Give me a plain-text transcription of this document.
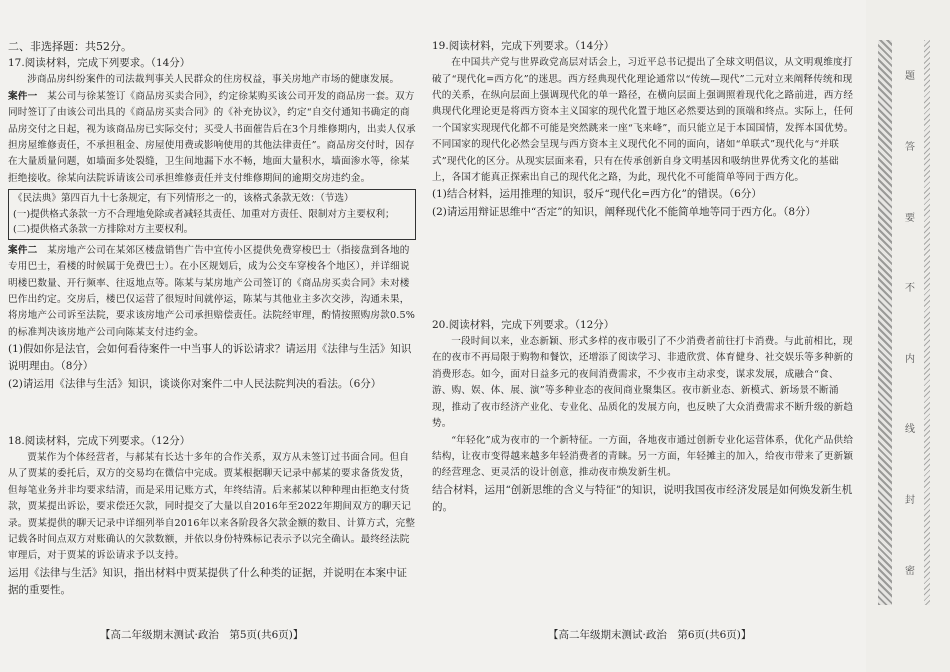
二、非选择题：共52分。

17.阅读材料，完成下列要求。（14分）

涉商品房纠纷案件的司法裁判事关人民群众的住房权益，事关房地产市场的健康发展。

案件一　 某公司与徐某签订《商品房买卖合同》，约定徐某购买该公司开发的商品房一套。双方同时签订了由该公司出具的《商品房买卖合同》的《补充协议》，约定“自交付通知书确定的商品房交付之日起，视为该商品房已实际交付；买受人书面催告后在3个月维修期内，出卖人仅承担房屋维修责任，不承担租金、房屋使用费或影响使用的其他法律责任”。商品房交付时，因存在大量质量问题，如墙面多处裂缝，卫生间地漏下水不畅，地面大量积水，墙面渗水等，徐某拒绝接收。徐某向法院诉请该公司承担维修责任并支付维修期间的逾期交房违约金。

《民法典》第四百九十七条规定，有下列情形之一的，该格式条款无效：（节选）
(一)提供格式条款一方不合理地免除或者减轻其责任、加重对方责任、限制对方主要权利；
(二)提供格式条款一方排除对方主要权利。

案件二　 某房地产公司在某郊区楼盘销售广告中宣传小区提供免费穿梭巴士（指接盘到各地的专用巴士，看楼的时候属于免费巴士）。在小区规划后，成为公交车穿梭各个地区），并详细说明楼巴数量、开行频率、往返地点等。陈某与某房地产公司签订的《商品房买卖合同》未对楼巴作出约定。交房后，楼巴仅运营了很短时间就停运，陈某与其他业主多次交涉，沟通未果，将房地产公司诉至法院，要求该房地产公司承担赔偿责任。法院经审理，酌情按照购房款0.5%的标准判决该房地产公司向陈某支付违约金。

(1)假如你是法官，会如何看待案件一中当事人的诉讼请求？请运用《法律与生活》知识说明理由。（8分）

(2)请运用《法律与生活》知识，谈谈你对案件二中人民法院判决的看法。（6分）

18.阅读材料，完成下列要求。（12分）

贾某作为个体经营者，与郝某有长达十多年的合作关系，双方从未签订过书面合同。但自从了贾某的委托后，双方的交易均在微信中完成。贾某根据聊天记录中郝某的要求备货发货，但每笔业务并非均要求结清，而是采用记账方式，年终结清。后来郝某以种种理由拒绝支付货款，贾某提出诉讼，要求偿还欠款，同时提交了大量以自2016年至2022年期间双方的聊天记录。贾某提供的聊天记录中详细列举自2016年以来各阶段各欠款金额的数目、计算方式，完整记载各时间点双方对账确认的欠款数额，并依以身份特殊标记表示予以完全确认。最终经法院审理后，对于贾某的诉讼请求予以支持。

运用《法律与生活》知识，指出材料中贾某提供了什么种类的证据，并说明在本案中证据的重要性。

19.阅读材料，完成下列要求。（14分）

在中国共产党与世界政党高层对话会上，习近平总书记提出了全球文明倡议，从文明观维度打破了“现代化=西方化”的迷思。西方经典现代化理论通常以“传统—现代”二元对立来阐释传统和现代的关系，在纵向层面上强调现代化的单一路径，在横向层面上强调照着现代化之路前进，西方经典现代化理论更是将西方资本主义国家的现代化置于地区必然要达到的顶端和终点。实际上，任何一个国家实现现代化都不可能是突然跳来一座“飞来峰”，而只能立足于本国国情，发挥本国优势。不同国家的现代化必然会呈现与西方资本主义现代化不同的面向，诸如“单联式”现代化与“并联式”现代化的区分。从现实层面来看，只有在传承创新自身文明基因和吸纳世界优秀文化的基础上，各国才能真正探索出自己的现代化之路，为此，现代化不可能简单等同于西方化。

(1)结合材料，运用推理的知识，驳斥“现代化=西方化”的错误。（6分）

(2)请运用辩证思维中“否定”的知识，阐释现代化不能简单地等同于西方化。（8分）

20.阅读材料，完成下列要求。（12分）

一段时间以来，业态新颖、形式多样的夜市吸引了不少消费者前往打卡消费。与此前相比，现在的夜市不再局限于购物和餐饮，还增添了阅读学习、非遗欣赏、体育健身、社交娱乐等多种新的消费形态。如今，面对日益多元的夜间消费需求，不少夜市主动求变，谋求发展，成融合“食、游、购、娱、体、展、演”等多种业态的夜间商业聚集区。夜市新业态、新模式、新场景不断涌现，推动了夜市经济产业化、专业化、品质化的发展方向，也反映了大众消费需求不断升级的新趋势。

“年轻化”成为夜市的一个新特征。一方面，各地夜市通过创新专业化运营体系，优化产品供给结构，让夜市变得越来越多年轻消费者的青睐。另一方面，年轻摊主的加入，给夜市带来了更新颖的经营理念、更灵活的设计创意，推动夜市焕发新生机。

结合材料，运用“创新思维的含义与特征”的知识，说明我国夜市经济发展是如何焕发新生机的。

【高二年级期末测试·政治　第5页(共6页)】	【高二年级期末测试·政治　第6页(共6页)】
题
答
要
不
内
线
封
密
